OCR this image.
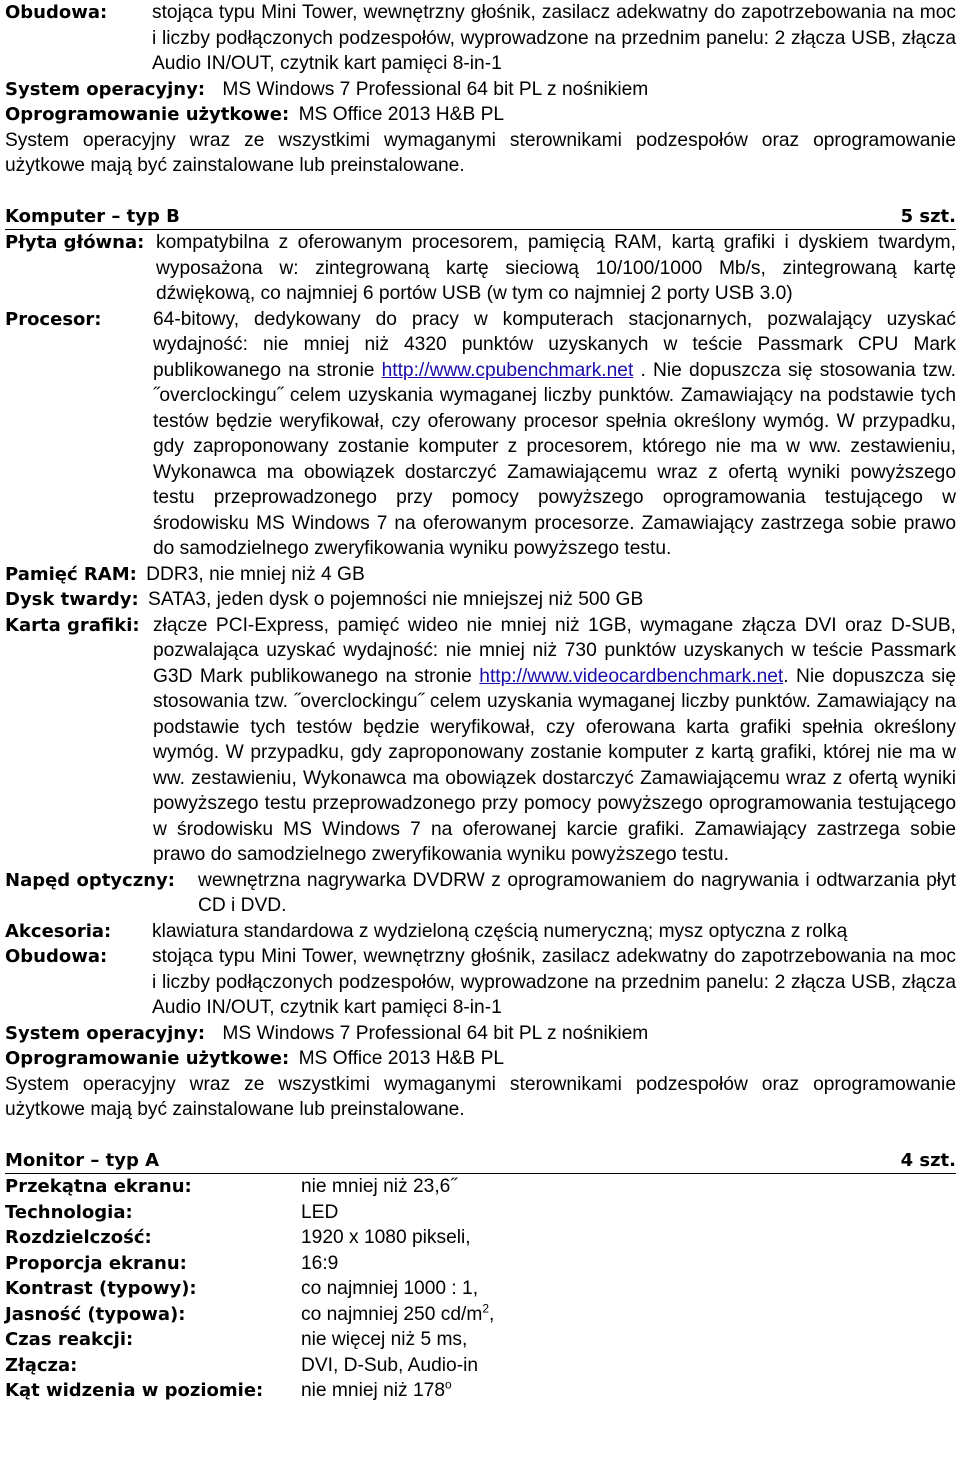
Obudowa:	stojąca typu Mini Tower, wewnętrzny głośnik, zasilacz adekwatny do zapotrzebowania na moc i liczby podłączonych podzespołów, wyprowadzone na przednim panelu: 2 złącza USB, złącza Audio IN/OUT, czytnik kart pamięci 8-in-1
System operacyjny: MS Windows 7 Professional 64 bit PL z nośnikiem
Oprogramowanie użytkowe: MS Office 2013 H&B PL
System operacyjny wraz ze wszystkimi wymaganymi sterownikami podzespołów oraz oprogramowanie użytkowe mają być zainstalowane lub preinstalowane.
Komputer – typ B	5 szt.
Płyta główna: kompatybilna z oferowanym procesorem, pamięcią RAM, kartą grafiki i dyskiem twardym, wyposażona w: zintegrowaną kartę sieciową 10/100/1000 Mb/s, zintegrowaną kartę dźwiękową, co najmniej 6 portów USB (w tym co najmniej 2 porty USB 3.0)
Procesor:	64-bitowy, dedykowany do pracy w komputerach stacjonarnych, pozwalający uzyskać wydajność: nie mniej niż 4320 punktów uzyskanych w teście Passmark CPU Mark publikowanego na stronie http://www.cpubenchmark.net . Nie dopuszcza się stosowania tzw. ˝overclockingu˝ celem uzyskania wymaganej liczby punktów. Zamawiający na podstawie tych testów będzie weryfikował, czy oferowany procesor spełnia określony wymóg. W przypadku, gdy zaproponowany zostanie komputer z procesorem, którego nie ma w ww. zestawieniu, Wykonawca ma obowiązek dostarczyć Zamawiającemu wraz z ofertą wyniki powyższego testu przeprowadzonego przy pomocy powyższego oprogramowania testującego w środowisku MS Windows 7 na oferowanym procesorze. Zamawiający zastrzega sobie prawo do samodzielnego zweryfikowania wyniku powyższego testu.
Pamięć RAM: DDR3, nie mniej niż 4 GB
Dysk twardy: SATA3, jeden dysk o pojemności nie mniejszej niż 500 GB
Karta grafiki: złącze PCI-Express, pamięć wideo nie mniej niż 1GB, wymagane złącza DVI oraz D-SUB, pozwalająca uzyskać wydajność: nie mniej niż 730 punktów uzyskanych w teście Passmark G3D Mark publikowanego na stronie http://www.videocardbenchmark.net. Nie dopuszcza się stosowania tzw. ˝overclockingu˝ celem uzyskania wymaganej liczby punktów. Zamawiający na podstawie tych testów będzie weryfikował, czy oferowana karta grafiki spełnia określony wymóg. W przypadku, gdy zaproponowany zostanie komputer z kartą grafiki, której nie ma w ww. zestawieniu, Wykonawca ma obowiązek dostarczyć Zamawiającemu wraz z ofertą wyniki powyższego testu przeprowadzonego przy pomocy powyższego oprogramowania testującego w środowisku MS Windows 7 na oferowanej karcie grafiki. Zamawiający zastrzega sobie prawo do samodzielnego zweryfikowania wyniku powyższego testu.
Napęd optyczny:	wewnętrzna nagrywarka DVDRW z oprogramowaniem do nagrywania i odtwarzania płyt CD i DVD.
Akcesoria:	klawiatura standardowa z wydzieloną częścią numeryczną; mysz optyczna z rolką
Obudowa:	stojąca typu Mini Tower, wewnętrzny głośnik, zasilacz adekwatny do zapotrzebowania na moc i liczby podłączonych podzespołów, wyprowadzone na przednim panelu: 2 złącza USB, złącza Audio IN/OUT, czytnik kart pamięci 8-in-1
System operacyjny: MS Windows 7 Professional 64 bit PL z nośnikiem
Oprogramowanie użytkowe: MS Office 2013 H&B PL
System operacyjny wraz ze wszystkimi wymaganymi sterownikami podzespołów oraz oprogramowanie użytkowe mają być zainstalowane lub preinstalowane.
Monitor – typ A	4 szt.
Przekątna ekranu:	nie mniej niż 23,6˝
Technologia:	LED
Rozdzielczość:	1920 x 1080 pikseli,
Proporcja ekranu:	16:9
Kontrast (typowy):	co najmniej 1000 : 1,
Jasność (typowa):	co najmniej 250 $cd/m^2$,
Czas reakcji:	nie więcej niż 5 ms,
Złącza:	DVI, D-Sub, Audio-in
Kąt widzenia w poziomie:	nie mniej niż 178$^o$
